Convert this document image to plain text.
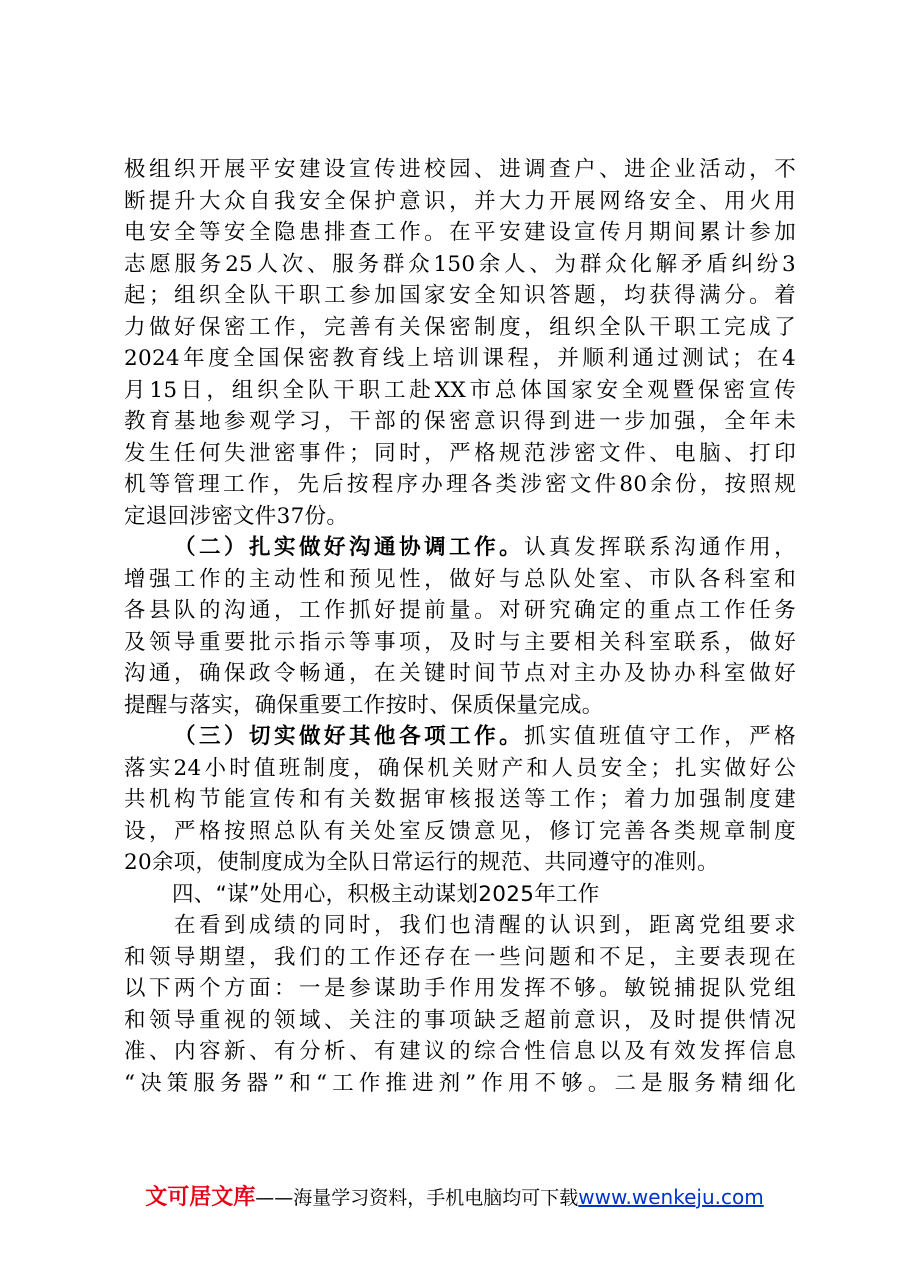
极组织开展平安建设宣传进校园、进调查户、进企业活动，不
断提升大众自我安全保护意识，并大力开展网络安全、用火用
电安全等安全隐患排查工作。在平安建设宣传月期间累计参加
志愿服务25人次、服务群众150余人、为群众化解矛盾纠纷3
起；组织全队干职工参加国家安全知识答题，均获得满分。着
力做好保密工作，完善有关保密制度，组织全队干职工完成了
2024年度全国保密教育线上培训课程，并顺利通过测试；在4
月15日，组织全队干职工赴XX市总体国家安全观暨保密宣传
教育基地参观学习，干部的保密意识得到进一步加强，全年未
发生任何失泄密事件；同时，严格规范涉密文件、电脑、打印
机等管理工作，先后按程序办理各类涉密文件80余份，按照规
定退回涉密文件37份。
（二）扎实做好沟通协调工作。认真发挥联系沟通作用，
增强工作的主动性和预见性，做好与总队处室、市队各科室和
各县队的沟通，工作抓好提前量。对研究确定的重点工作任务
及领导重要批示指示等事项，及时与主要相关科室联系，做好
沟通，确保政令畅通，在关键时间节点对主办及协办科室做好
提醒与落实，确保重要工作按时、保质保量完成。
（三）切实做好其他各项工作。抓实值班值守工作，严格
落实24小时值班制度，确保机关财产和人员安全；扎实做好公
共机构节能宣传和有关数据审核报送等工作；着力加强制度建
设，严格按照总队有关处室反馈意见，修订完善各类规章制度
20余项，使制度成为全队日常运行的规范、共同遵守的准则。
四、“谋”处用心，积极主动谋划2025年工作
在看到成绩的同时，我们也清醒的认识到，距离党组要求
和领导期望，我们的工作还存在一些问题和不足，主要表现在
以下两个方面：一是参谋助手作用发挥不够。敏锐捕捉队党组
和领导重视的领域、关注的事项缺乏超前意识，及时提供情况
准、内容新、有分析、有建议的综合性信息以及有效发挥信息
“决策服务器”和“工作推进剂”作用不够。二是服务精细化
文可居文库——海量学习资料，手机电脑均可下载www.wenkeju.com
